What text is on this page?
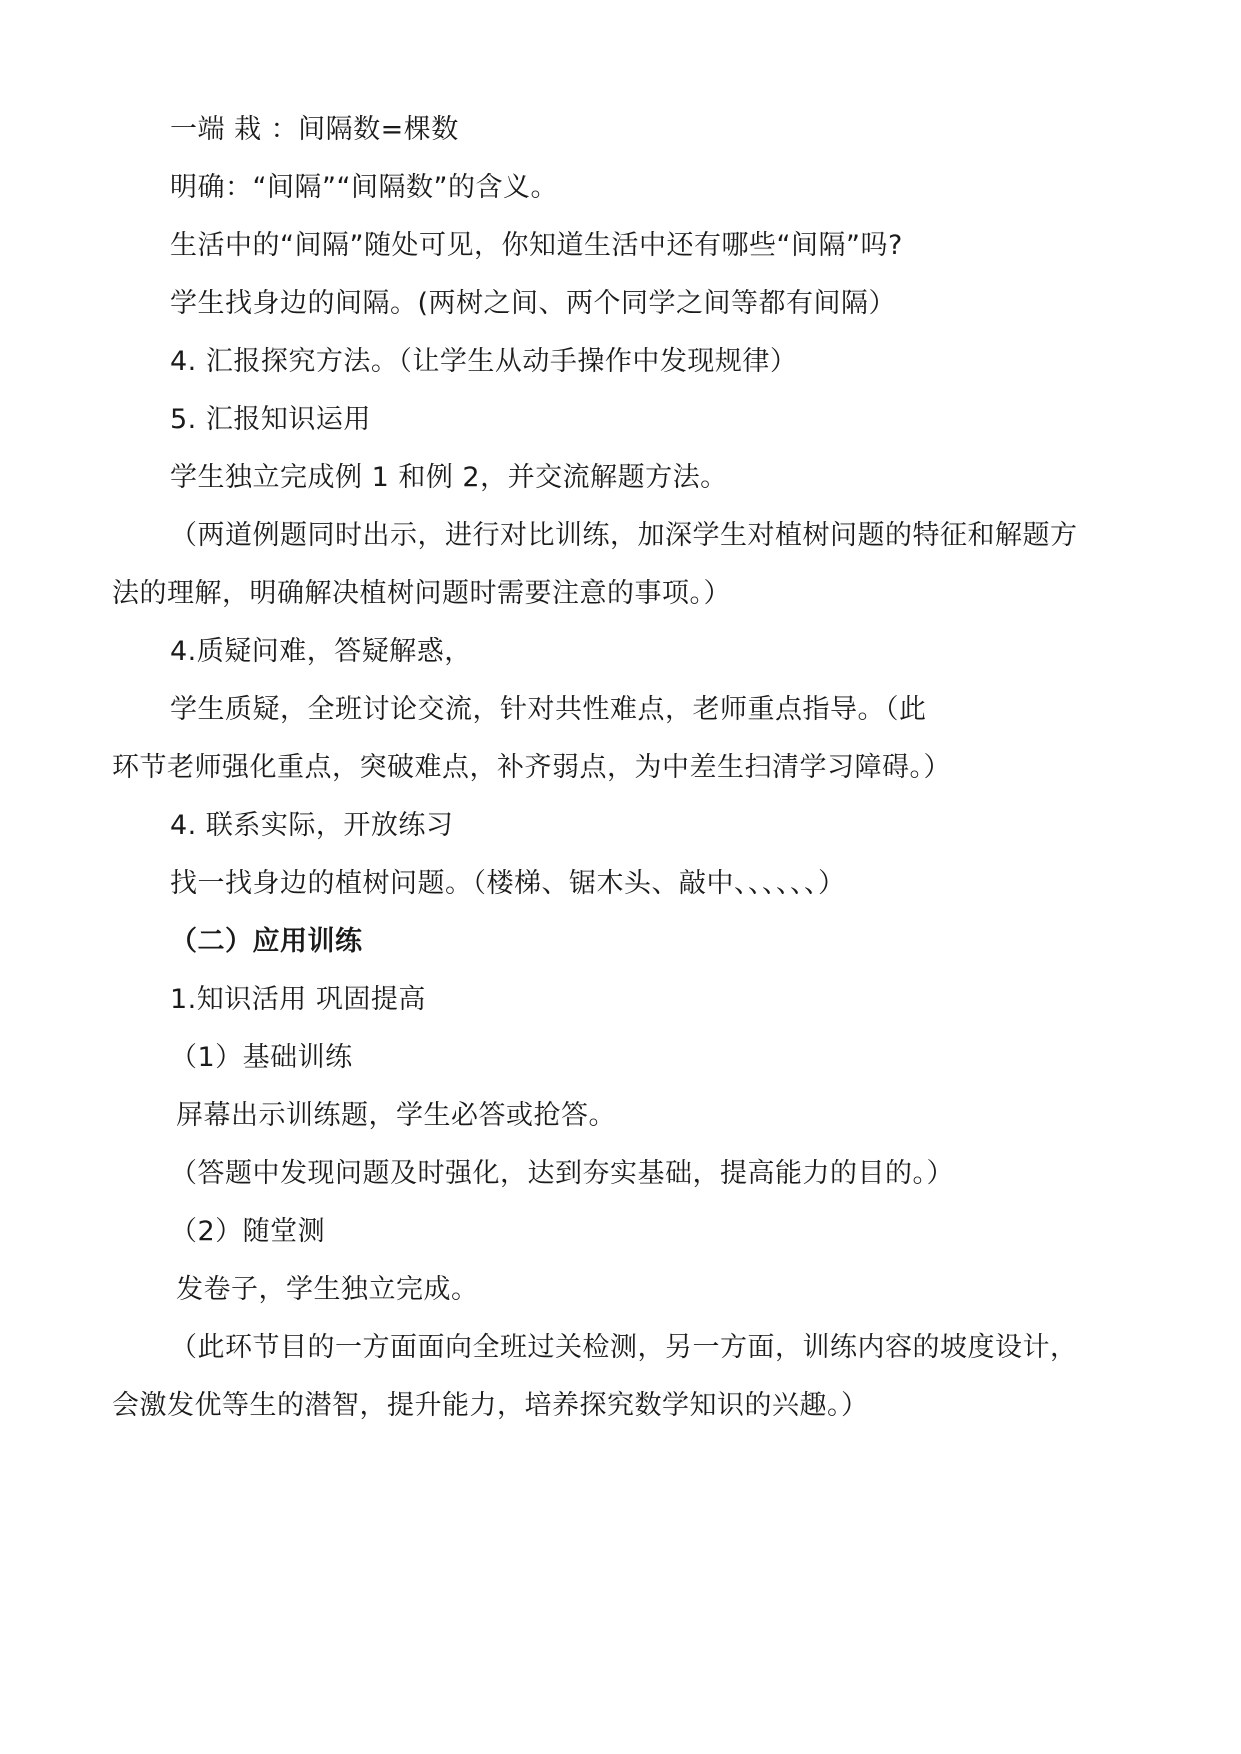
一端 栽 ：间隔数=棵数
明确：“间隔”“间隔数”的含义。
生活中的“间隔”随处可见，你知道生活中还有哪些“间隔”吗?
学生找身边的间隔。(两树之间、两个同学之间等都有间隔）
4. 汇报探究方法。（让学生从动手操作中发现规律）
5. 汇报知识运用
学生独立完成例 1 和例 2，并交流解题方法。
（两道例题同时出示，进行对比训练，加深学生对植树问题的特征和解题方
法的理解，明确解决植树问题时需要注意的事项。）
4.质疑问难，答疑解惑，
学生质疑，全班讨论交流，针对共性难点，老师重点指导。（此
环节老师强化重点，突破难点，补齐弱点，为中差生扫清学习障碍。）
4. 联系实际，开放练习
找一找身边的植树问题。（楼梯、锯木头、敲中、、、、、、）
（二）应用训练
1.知识活用 巩固提高
（1）基础训练
屏幕出示训练题，学生必答或抢答。
（答题中发现问题及时强化，达到夯实基础，提高能力的目的。）
（2）随堂测
发卷子，学生独立完成。
（此环节目的一方面面向全班过关检测，另一方面，训练内容的坡度设计，
会激发优等生的潜智，提升能力，培养探究数学知识的兴趣。）
